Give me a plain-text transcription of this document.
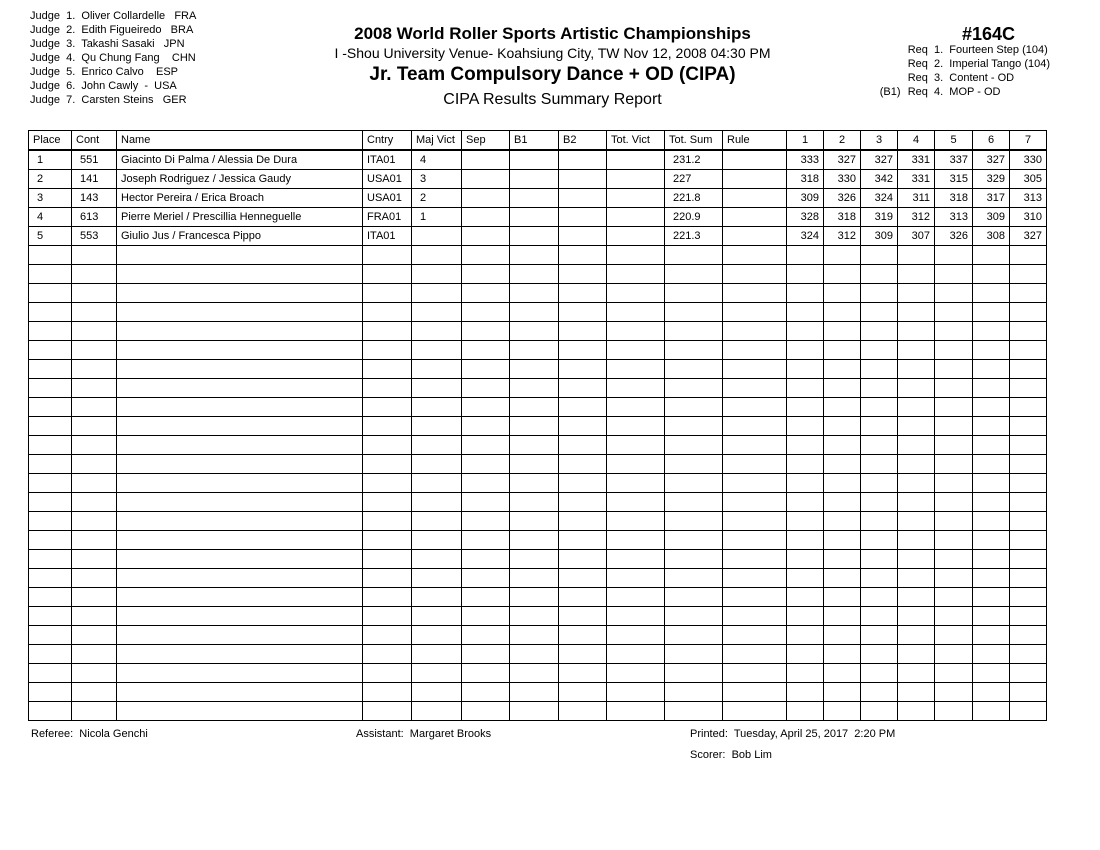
Judge  1. Oliver Collardelle FRA
Judge  2. Edith Figueiredo BRA
Judge  3. Takashi Sasaki JPN
Judge  4. Qu Chung Fang CHN
Judge  5. Enrico Calvo ESP
Judge  6. John Cawly  - USA
Judge  7. Carsten Steins GER
2008 World Roller Sports Artistic Championships
I -Shou University Venue- Koahsiung City, TW Nov 12, 2008 04:30 PM
Jr. Team Compulsory Dance + OD (CIPA)
CIPA Results Summary Report
#164C
Req  1.  Fourteen Step (104)
Req  2.  Imperial Tango (104)
Req  3.  Content - OD
(B1) Req  4.  MOP - OD
Place	Cont	Name	Cntry	Maj Vict	Sep	B1	B2	Tot. Vict	Tot. Sum	Rule	1	2	3	4	5	6	7
1	551	Giacinto Di Palma / Alessia De Dura	ITA01	4					231.2		333	327	327	331	337	327	330
2	141	Joseph Rodriguez / Jessica Gaudy	USA01	3					227		318	330	342	331	315	329	305
3	143	Hector Pereira / Erica Broach	USA01	2					221.8		309	326	324	311	318	317	313
4	613	Pierre Meriel / Prescillia Henneguelle	FRA01	1					220.9		328	318	319	312	313	309	310
5	553	Giulio Jus / Francesca Pippo	ITA01						221.3		324	312	309	307	326	308	327

Referee:  Nicola Genchi	Assistant:  Margaret Brooks	Printed:  Tuesday, April 25, 2017  2:20 PM
Scorer:  Bob Lim
